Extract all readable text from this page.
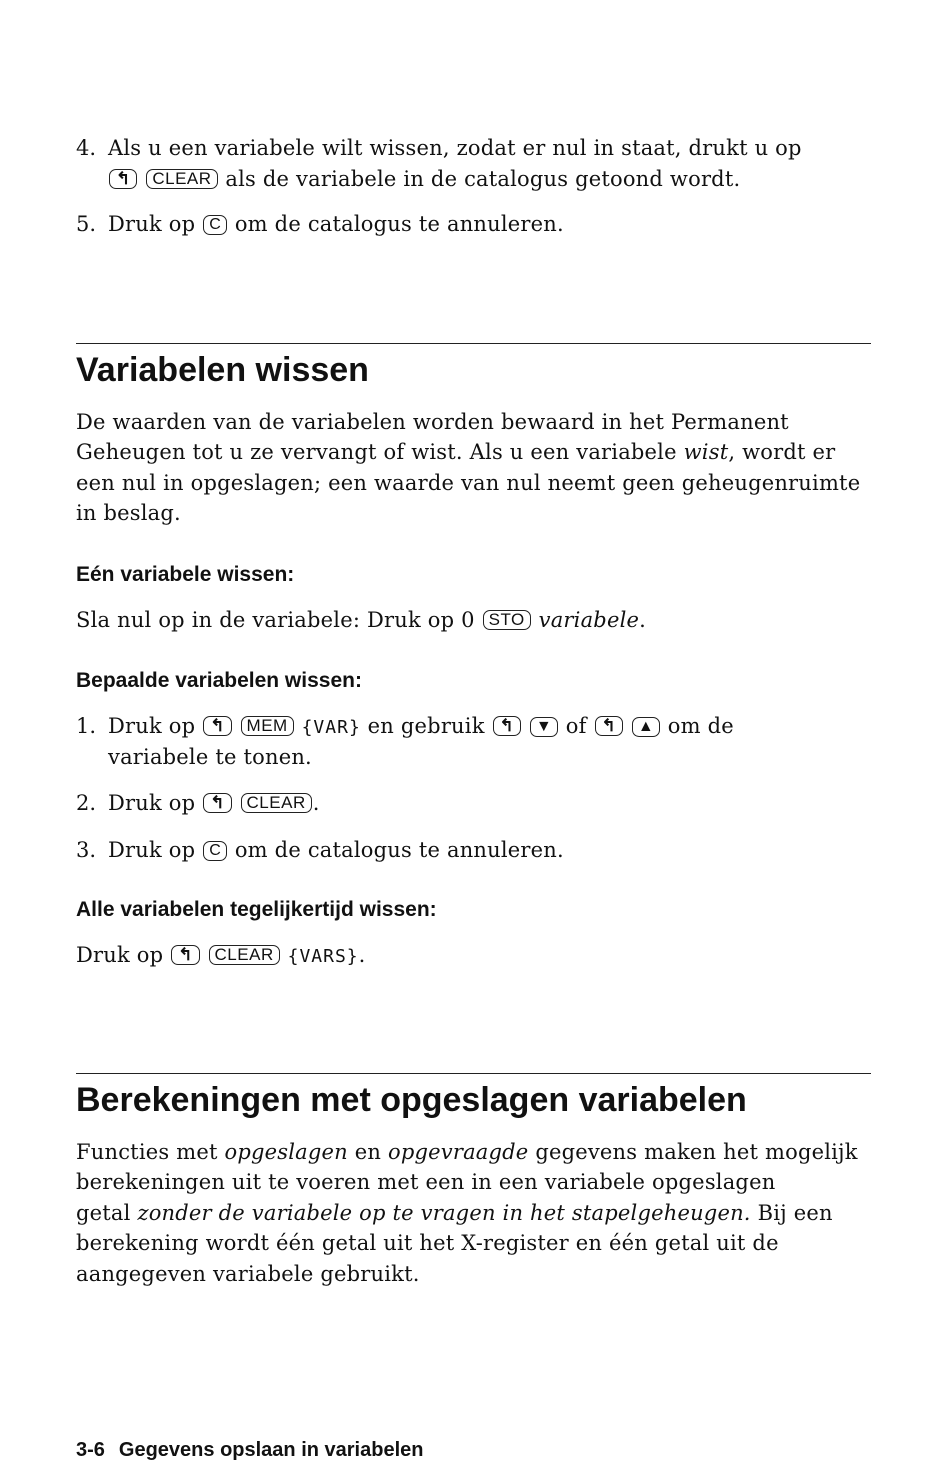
4. Als u een variabele wilt wissen, zodat er nul in staat, drukt u op
↰ CLEAR als de variabele in de catalogus getoond wordt.
5. Druk op C om de catalogus te annuleren.
Variabelen wissen
De waarden van de variabelen worden bewaard in het Permanent
Geheugen tot u ze vervangt of wist. Als u een variabele wist, wordt er
een nul in opgeslagen; een waarde van nul neemt geen geheugenruimte
in beslag.
Eén variabele wissen:
Sla nul op in de variabele: Druk op 0 STO variabele.
Bepaalde variabelen wissen:
1. Druk op ↰ MEM {VAR} en gebruik ↰ ▼ of ↰ ▲ om de
variabele te tonen.
2. Druk op ↰ CLEAR .
3. Druk op C om de catalogus te annuleren.
Alle variabelen tegelijkertijd wissen:
Druk op ↰ CLEAR {VARS}.
Berekeningen met opgeslagen variabelen
Functies met opgeslagen en opgevraagde gegevens maken het mogelijk
berekeningen uit te voeren met een in een variabele opgeslagen
getal zonder de variabele op te vragen in het stapelgeheugen. Bij een
berekening wordt één getal uit het X-register en één getal uit de
aangegeven variabele gebruikt.
3-6 Gegevens opslaan in variabelen
